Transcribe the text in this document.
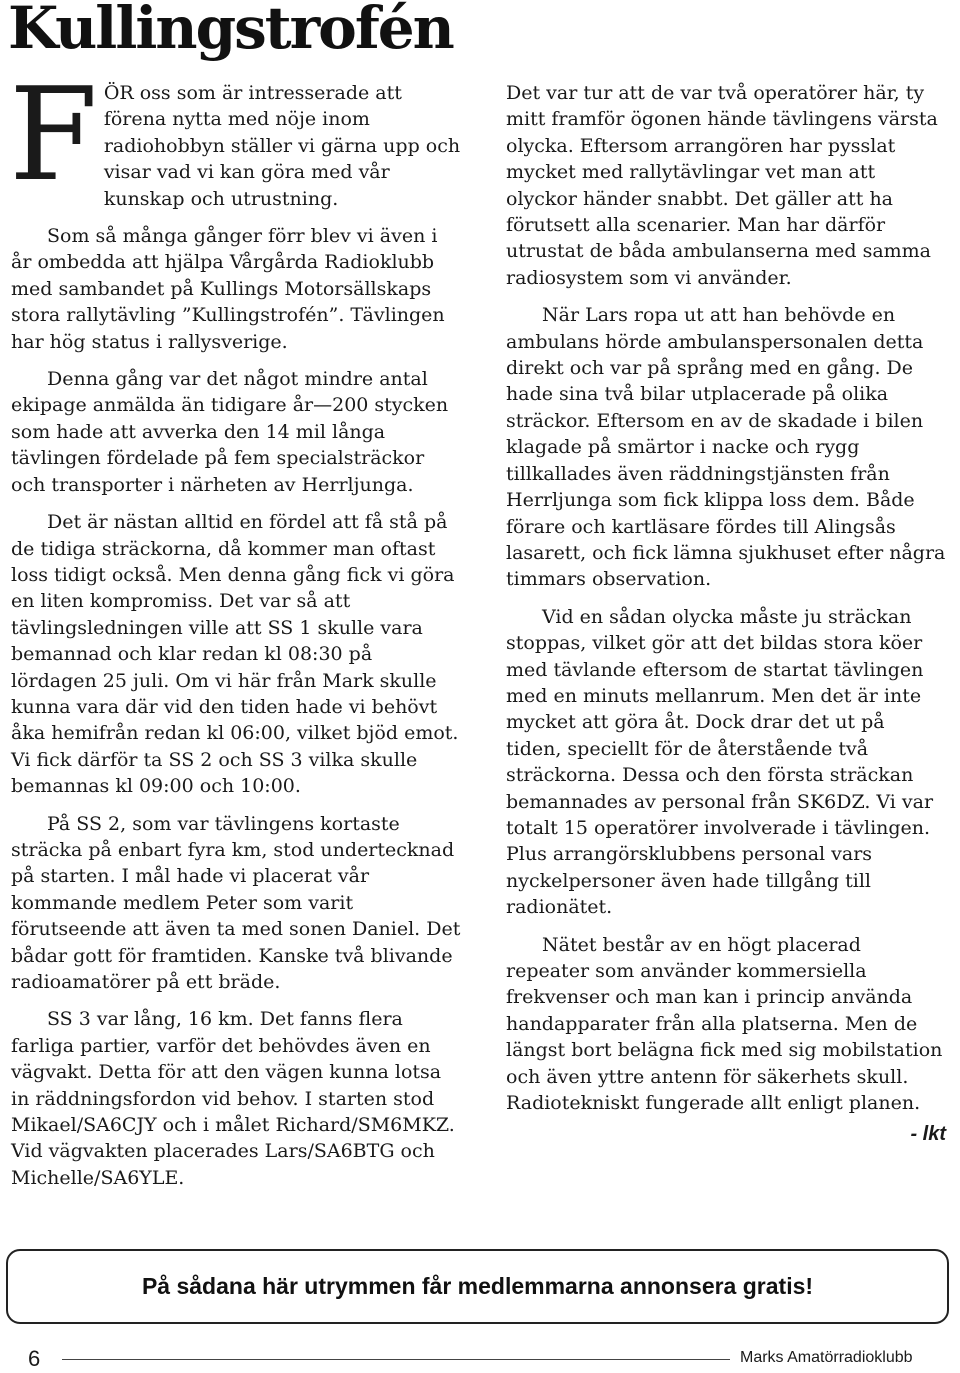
Kullingstrofén

FÖR oss som är intresserade att förena nytta med nöje inom radiohobbyn ställer vi gärna upp och visar vad vi kan göra med vår kunskap och utrustning.

Som så många gånger förr blev vi även i år ombedda att hjälpa Vårgårda Radioklubb med sambandet på Kullings Motorsällskaps stora rallytävling ”Kullingstrofén”. Tävlingen har hög status i rallysverige.

Denna gång var det något mindre antal ekipage anmälda än tidigare år—200 stycken som hade att avverka den 14 mil långa tävlingen fördelade på fem specialsträckor och transporter i närheten av Herrljunga.

Det är nästan alltid en fördel att få stå på de tidiga sträckorna, då kommer man oftast loss tidigt också. Men denna gång fick vi göra en liten kompromiss. Det var så att tävlingsledningen ville att SS 1 skulle vara bemannad och klar redan kl 08:30 på lördagen 25 juli. Om vi här från Mark skulle kunna vara där vid den tiden hade vi behövt åka hemifrån redan kl 06:00, vilket bjöd emot. Vi fick därför ta SS 2 och SS 3 vilka skulle bemannas kl 09:00 och 10:00.

På SS 2, som var tävlingens kortaste sträcka på enbart fyra km, stod undertecknad på starten. I mål hade vi placerat vår kommande medlem Peter som varit förutseende att även ta med sonen Daniel. Det bådar gott för framtiden. Kanske två blivande radioamatörer på ett bräde.

SS 3 var lång, 16 km. Det fanns flera farliga partier, varför det behövdes även en vägvakt. Detta för att den vägen kunna lotsa in räddningsfordon vid behov. I starten stod Mikael/SA6CJY och i målet Richard/SM6MKZ. Vid vägvakten placerades Lars/SA6BTG och Michelle/SA6YLE.

Det var tur att de var två operatörer här, ty mitt framför ögonen hände tävlingens värsta olycka. Eftersom arrangören har pysslat mycket med rallytävlingar vet man att olyckor händer snabbt. Det gäller att ha förutsett alla scenarier. Man har därför utrustat de båda ambulanserna med samma radiosystem som vi använder.

När Lars ropa ut att han behövde en ambulans hörde ambulanspersonalen detta direkt och var på språng med en gång. De hade sina två bilar utplacerade på olika sträckor. Eftersom en av de skadade i bilen klagade på smärtor i nacke och rygg tillkallades även räddningstjänsten från Herrljunga som fick klippa loss dem. Både förare och kartläsare fördes till Alingsås lasarett, och fick lämna sjukhuset efter några timmars observation.

Vid en sådan olycka måste ju sträckan stoppas, vilket gör att det bildas stora köer med tävlande eftersom de startat tävlingen med en minuts mellanrum. Men det är inte mycket att göra åt. Dock drar det ut på tiden, speciellt för de återstående två sträckorna. Dessa och den första sträckan bemannades av personal från SK6DZ. Vi var totalt 15 operatörer involverade i tävlingen. Plus arrangörsklubbens personal vars nyckelpersoner även hade tillgång till radionätet.

Nätet består av en högt placerad repeater som använder kommersiella frekvenser och man kan i princip använda handapparater från alla platserna. Men de längst bort belägna fick med sig mobilstation och även yttre antenn för säkerhets skull. Radiotekniskt fungerade allt enligt planen.

- lkt
På sådana här utrymmen får medlemmarna annonsera gratis!
6	Marks Amatörradioklubb
